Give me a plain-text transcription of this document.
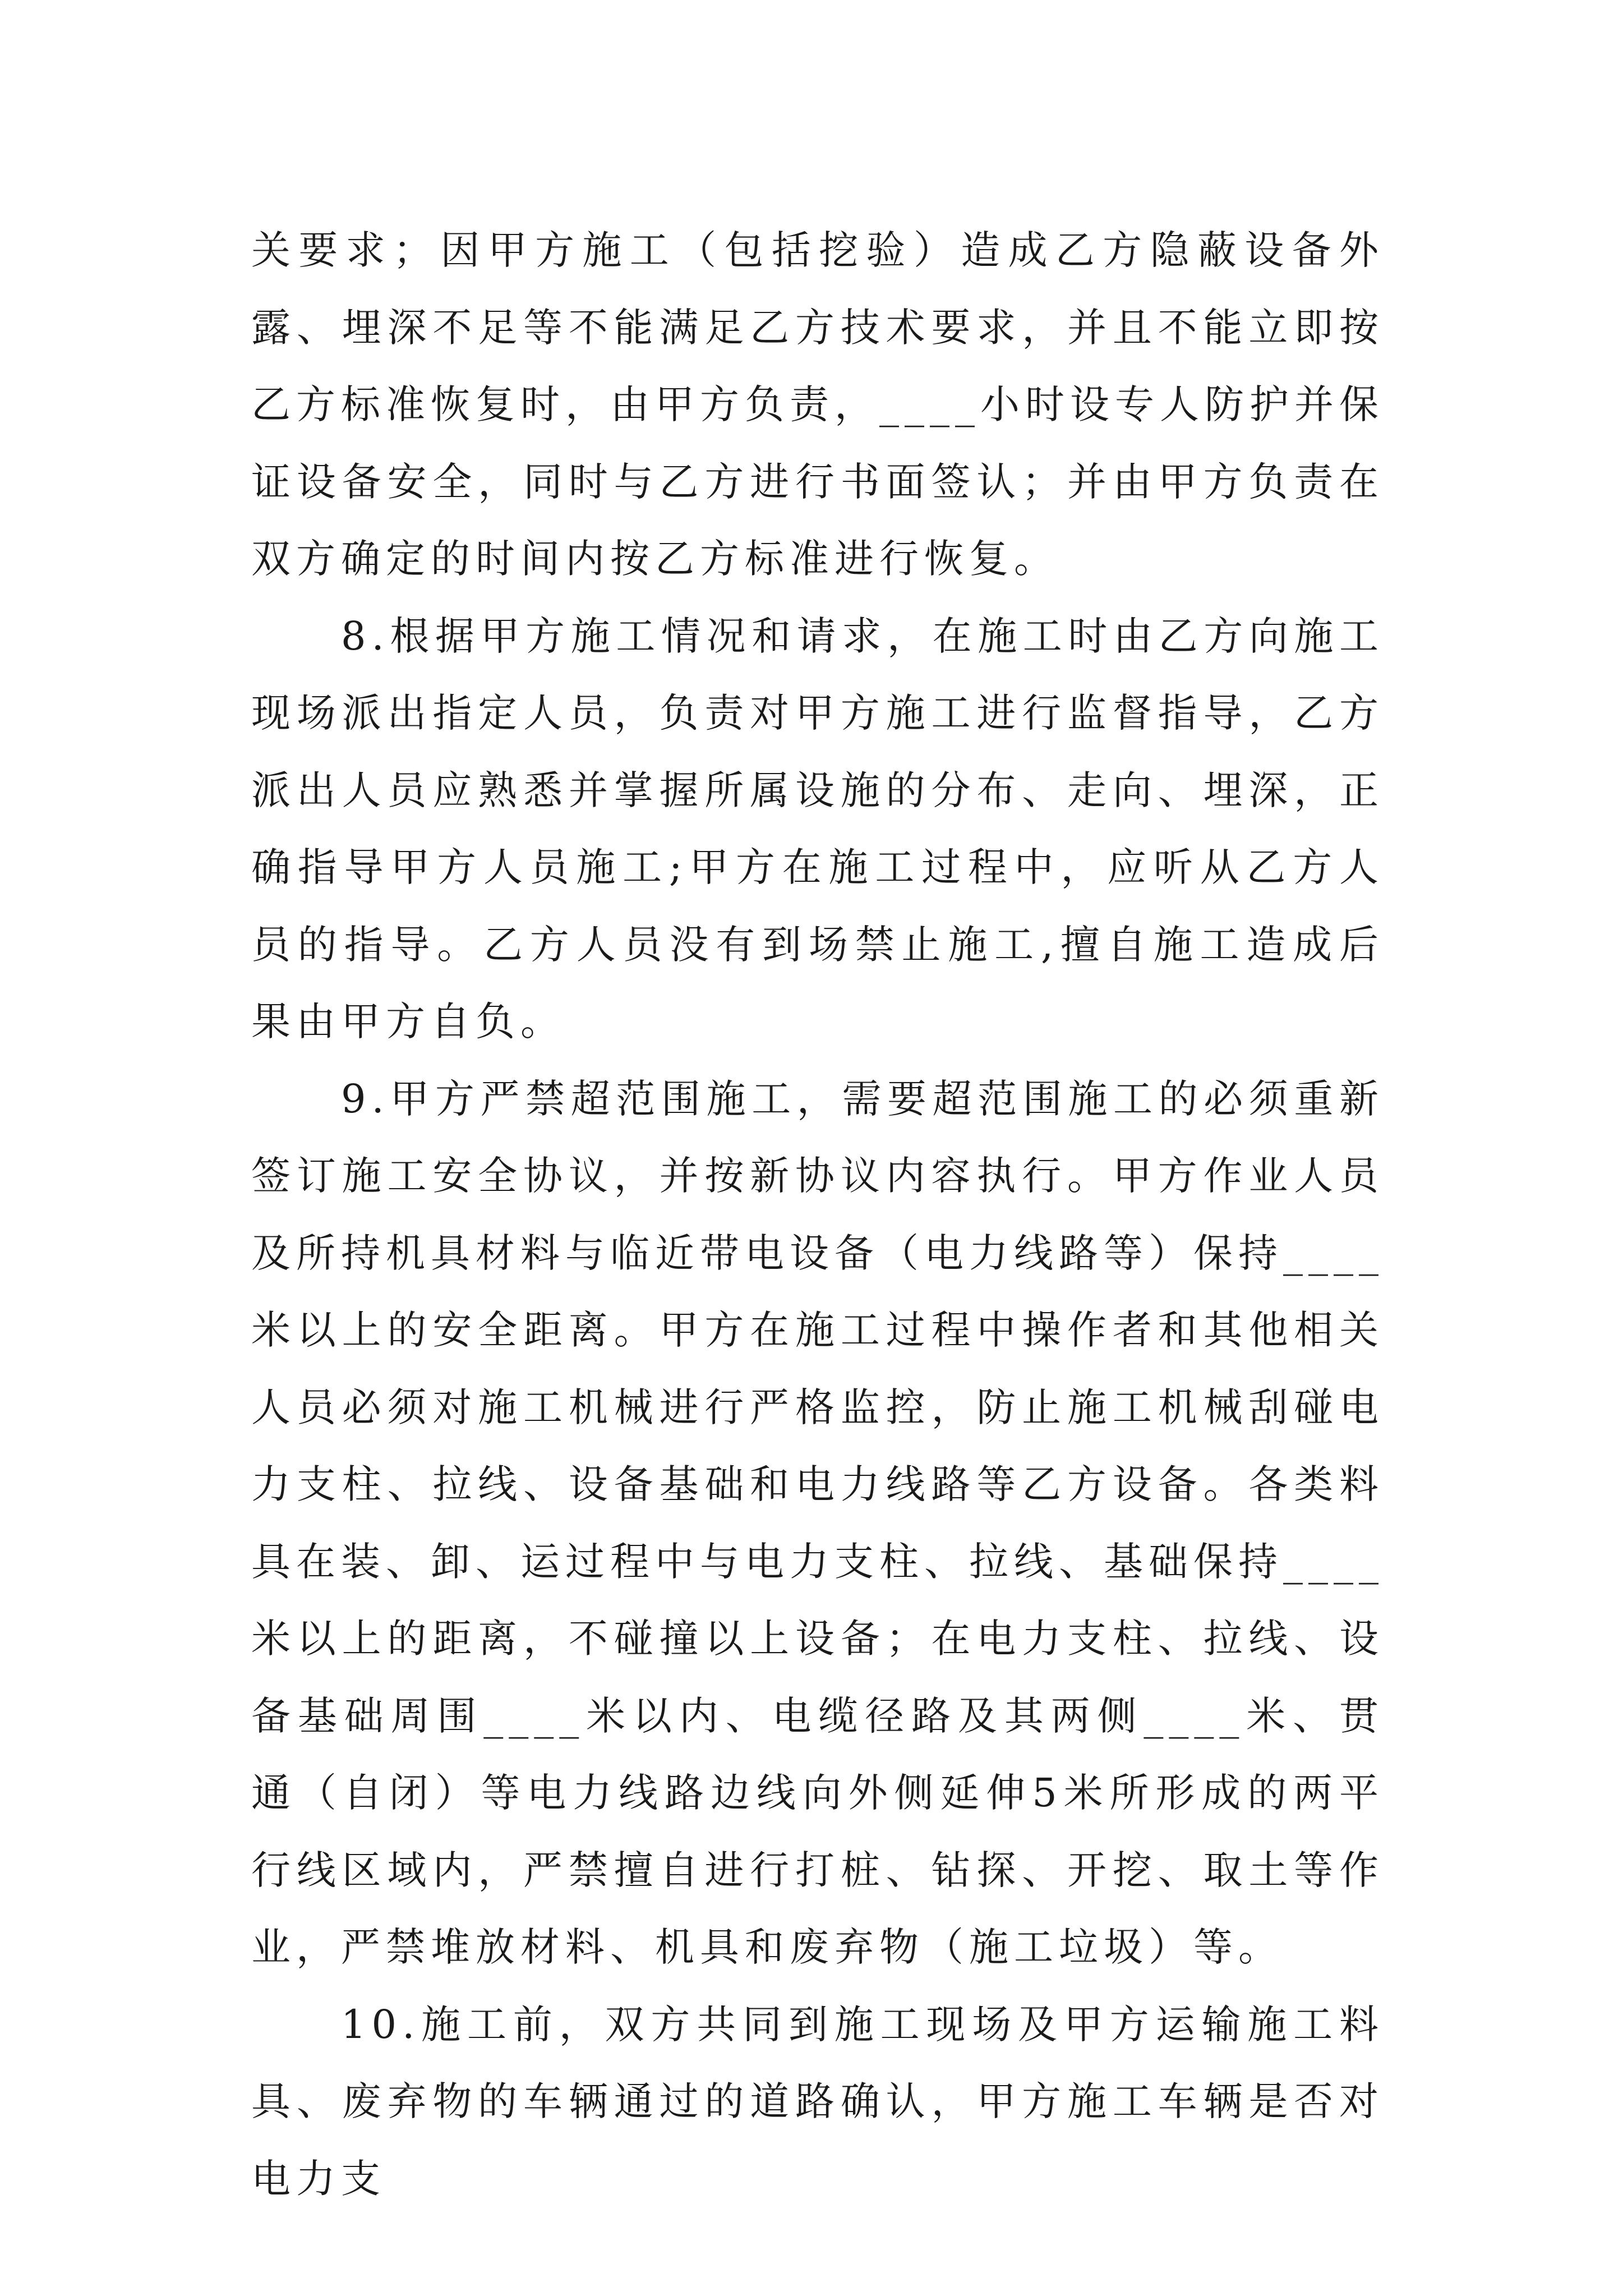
关要求；因甲方施工（包括挖验）造成乙方隐蔽设备外露、埋深不足等不能满足乙方技术要求，并且不能立即按乙方标准恢复时，由甲方负责，____小时设专人防护并保证设备安全，同时与乙方进行书面签认；并由甲方负责在双方确定的时间内按乙方标准进行恢复。

8.根据甲方施工情况和请求，在施工时由乙方向施工现场派出指定人员，负责对甲方施工进行监督指导，乙方派出人员应熟悉并掌握所属设施的分布、走向、埋深，正确指导甲方人员施工;甲方在施工过程中，应听从乙方人员的指导。乙方人员没有到场禁止施工,擅自施工造成后果由甲方自负。

9.甲方严禁超范围施工，需要超范围施工的必须重新签订施工安全协议，并按新协议内容执行。甲方作业人员及所持机具材料与临近带电设备（电力线路等）保持____米以上的安全距离。甲方在施工过程中操作者和其他相关人员必须对施工机械进行严格监控，防止施工机械刮碰电力支柱、拉线、设备基础和电力线路等乙方设备。各类料具在装、卸、运过程中与电力支柱、拉线、基础保持____米以上的距离，不碰撞以上设备；在电力支柱、拉线、设备基础周围____米以内、电缆径路及其两侧____米、贯通（自闭）等电力线路边线向外侧延伸5米所形成的两平行线区域内，严禁擅自进行打桩、钻探、开挖、取土等作业，严禁堆放材料、机具和废弃物（施工垃圾）等。

10.施工前，双方共同到施工现场及甲方运输施工料具、废弃物的车辆通过的道路确认，甲方施工车辆是否对电力支
